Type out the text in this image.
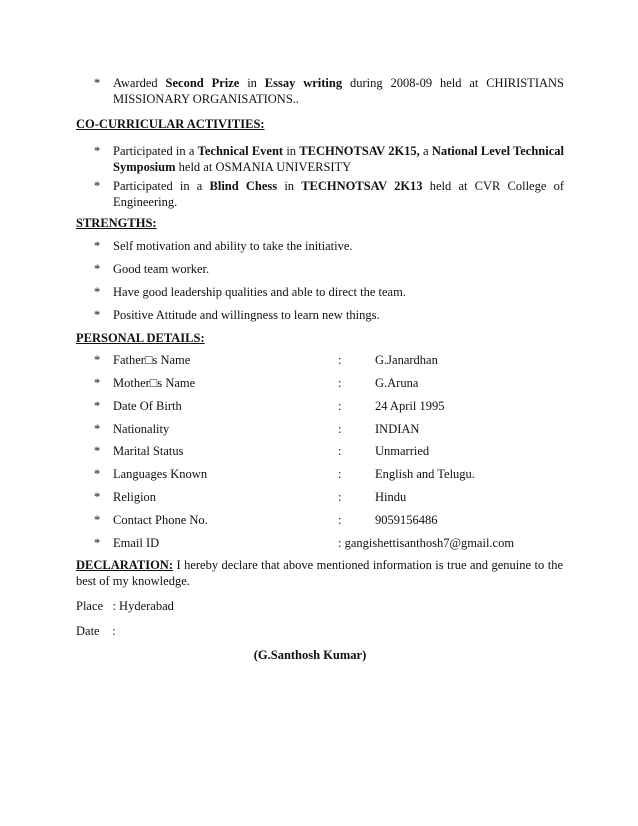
* Awarded Second Prize in Essay writing during 2008-09 held at CHIRISTIANS
MISSIONARY ORGANISATIONS..
CO-CURRICULAR ACTIVITIES:
* Participated in a Technical Event in TECHNOTSAV 2K15, a National Level Technical
Symposium held at OSMANIA UNIVERSITY
* Participated in a Blind Chess in TECHNOTSAV 2K13 held at CVR College of
Engineering.
STRENGTHS:
* Self motivation and ability to take the initiative.
* Good team worker.
* Have good leadership qualities and able to direct the team.
* Positive Attitude and willingness to learn new things.
PERSONAL DETAILS:
* Father□s Name	:	G.Janardhan
* Mother□s Name	:	G.Aruna
* Date Of Birth	:	24 April 1995
* Nationality	:	INDIAN
* Marital Status	:	Unmarried
* Languages Known	:	English and Telugu.
* Religion	:	Hindu
* Contact Phone No.	:	9059156486
* Email ID	: gangishettisanthosh7@gmail.com
DECLARATION: I hereby declare that above mentioned information is true and genuine to the
best of my knowledge.
Place   : Hyderabad
Date    :
(G.Santhosh Kumar)
